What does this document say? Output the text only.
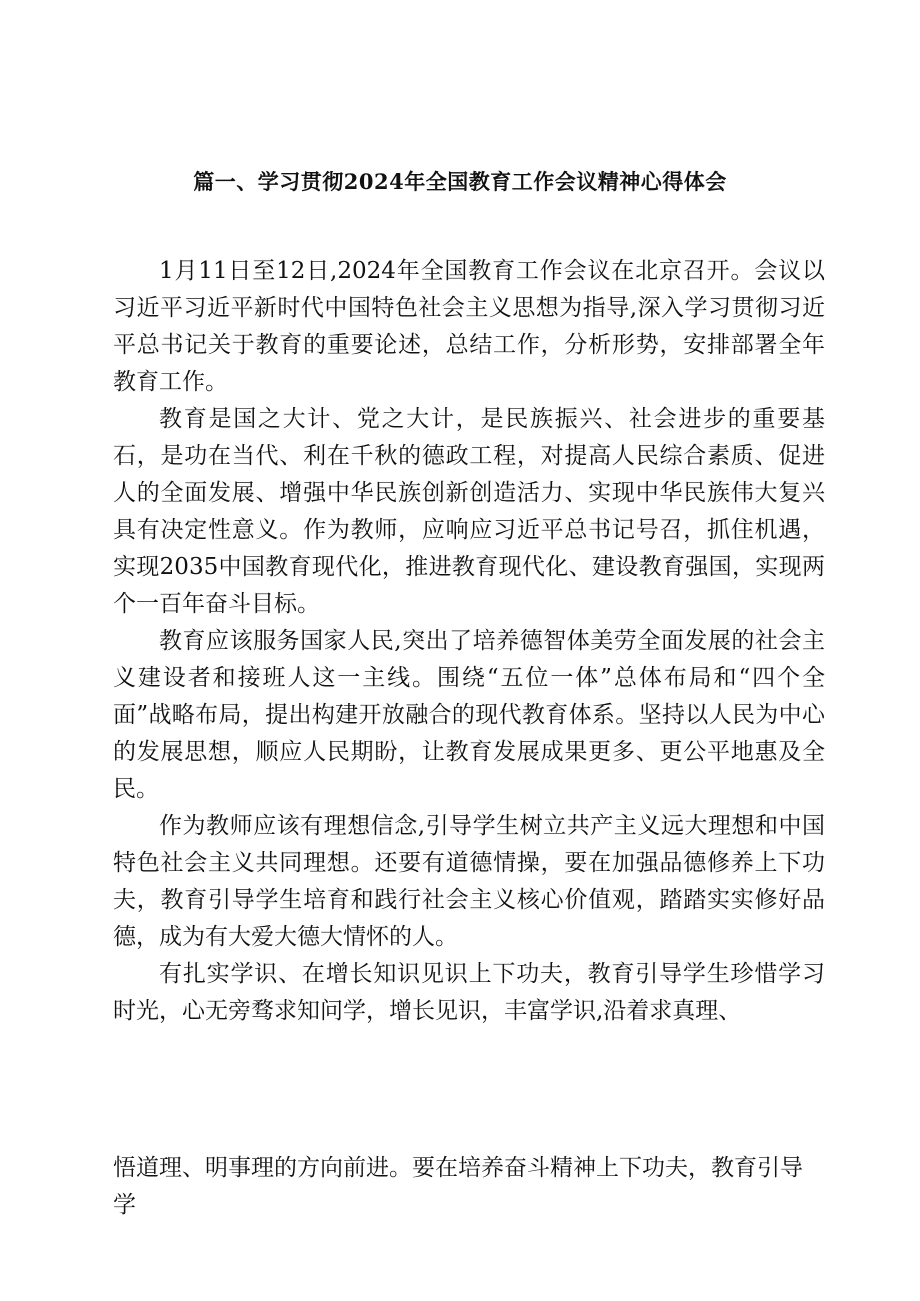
篇一、学习贯彻2024年全国教育工作会议精神心得体会

1月11日至12日,2024年全国教育工作会议在北京召开。会议以习近平习近平新时代中国特色社会主义思想为指导,深入学习贯彻习近平总书记关于教育的重要论述，总结工作，分析形势，安排部署全年教育工作。

教育是国之大计、党之大计，是民族振兴、社会进步的重要基石，是功在当代、利在千秋的德政工程，对提高人民综合素质、促进人的全面发展、增强中华民族创新创造活力、实现中华民族伟大复兴具有决定性意义。作为教师，应响应习近平总书记号召，抓住机遇，实现2035中国教育现代化，推进教育现代化、建设教育强国，实现两个一百年奋斗目标。

教育应该服务国家人民,突出了培养德智体美劳全面发展的社会主义建设者和接班人这一主线。围绕“五位一体”总体布局和“四个全面”战略布局，提出构建开放融合的现代教育体系。坚持以人民为中心的发展思想，顺应人民期盼，让教育发展成果更多、更公平地惠及全民。

作为教师应该有理想信念,引导学生树立共产主义远大理想和中国特色社会主义共同理想。还要有道德情操，要在加强品德修养上下功夫，教育引导学生培育和践行社会主义核心价值观，踏踏实实修好品德，成为有大爱大德大情怀的人。

有扎实学识、在增长知识见识上下功夫，教育引导学生珍惜学习时光，心无旁骛求知问学，增长见识，丰富学识,沿着求真理、

悟道理、明事理的方向前进。要在培养奋斗精神上下功夫，教育引导学
